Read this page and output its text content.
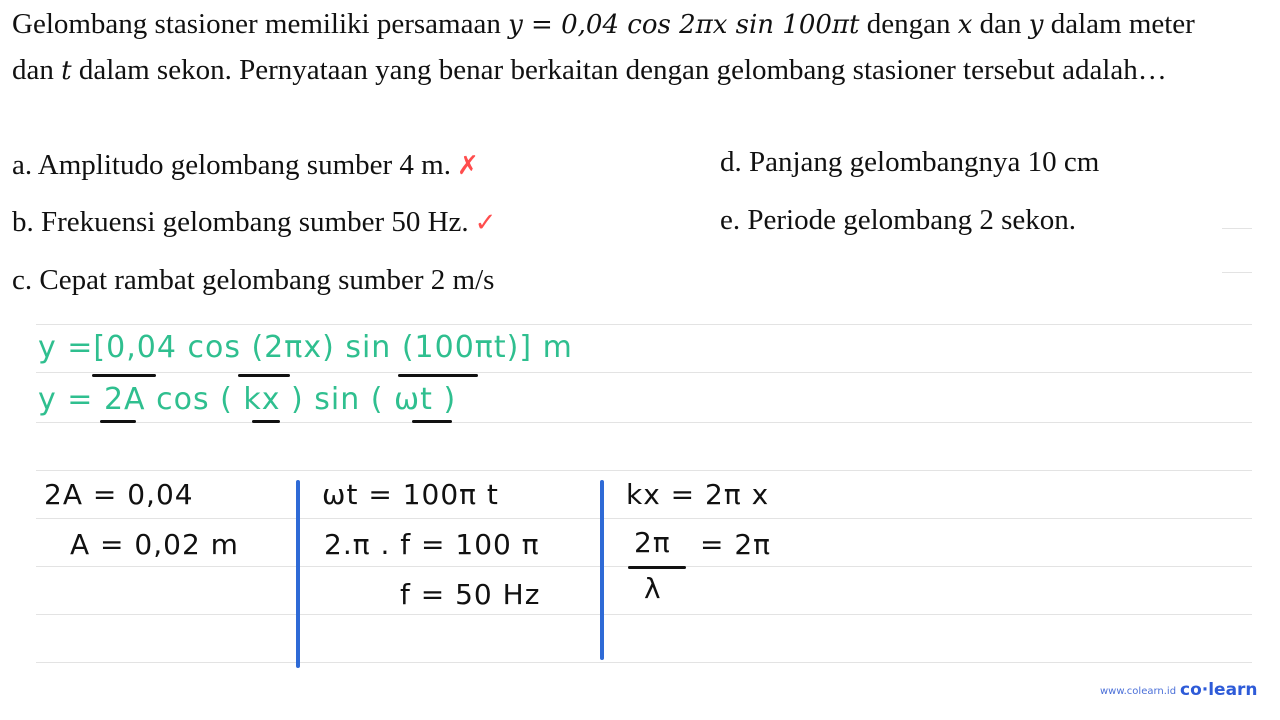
Gelombang stasioner memiliki persamaan y = 0,04 cos 2πx sin 100πt dengan x dan y dalam meter dan t dalam sekon. Pernyataan yang benar berkaitan dengan gelombang stasioner tersebut adalah…
a. Amplitudo gelombang sumber 4 m. ✗
b. Frekuensi gelombang sumber 50 Hz. ✓
c. Cepat rambat gelombang sumber 2 m/s
d. Panjang gelombangnya 10 cm
e. Periode gelombang 2 sekon.
y =[0,04 cos (2πx) sin (100πt)] m
y = 2A cos ( kx ) sin ( ωt )
2A = 0,04
A = 0,02 m
ωt = 100π t
2.π . f = 100 π
f = 50 Hz
kx = 2π x
2π
λ
= 2π
www.colearn.id co·learn
